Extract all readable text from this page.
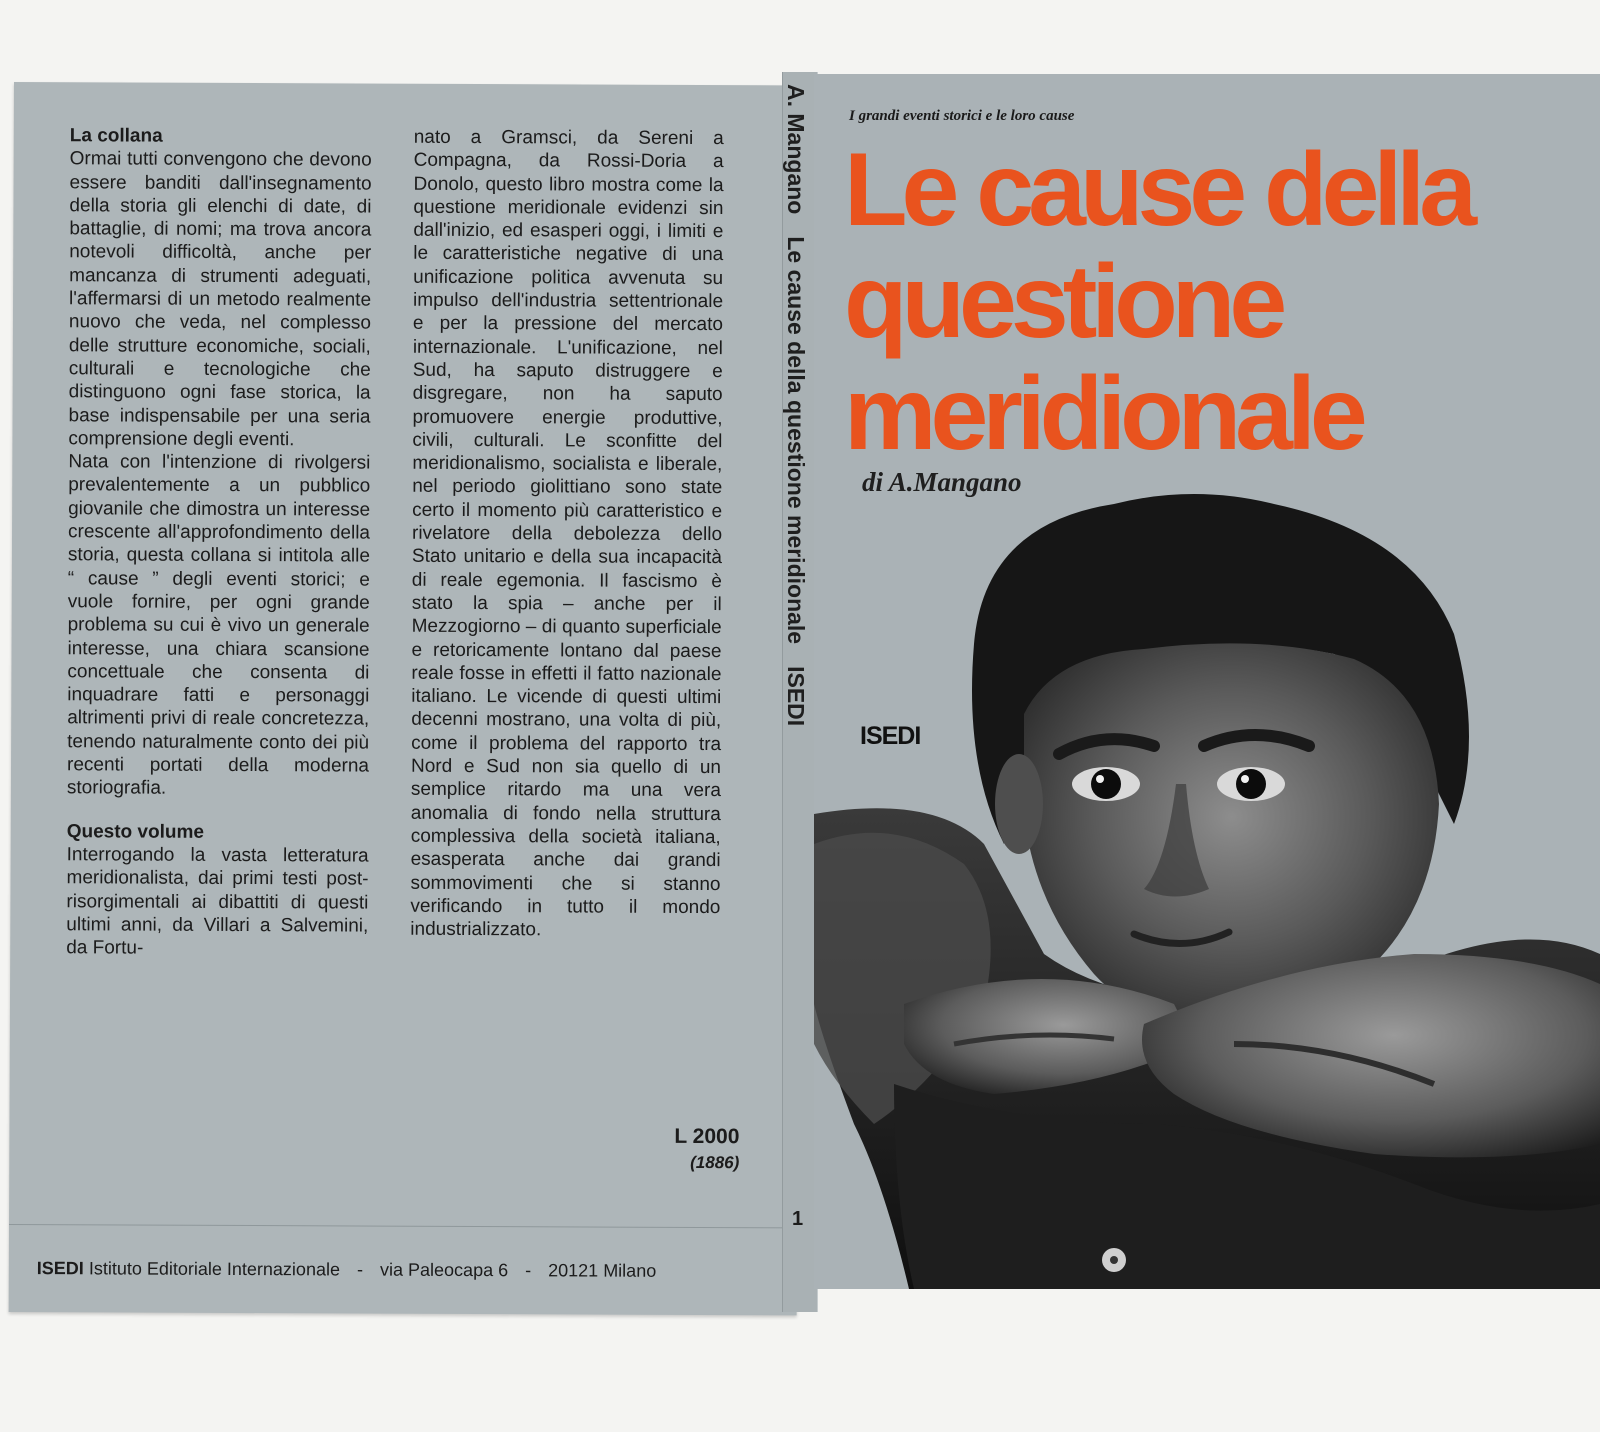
La collana

Ormai tutti convengono che devono essere banditi dall'insegnamento della storia gli elenchi di date, di battaglie, di nomi; ma trova ancora notevoli difficoltà, anche per mancanza di strumenti adeguati, l'affermarsi di un metodo realmente nuovo che veda, nel complesso delle strutture economiche, sociali, culturali e tecnologiche che distinguono ogni fase storica, la base indispensabile per una seria comprensione degli eventi.

Nata con l'intenzione di rivolgersi prevalentemente a un pubblico giovanile che dimostra un interesse crescente all'approfondimento della storia, questa collana si intitola alle “ cause ” degli eventi storici; e vuole fornire, per ogni grande problema su cui è vivo un generale interesse, una chiara scansione concettuale che consenta di inquadrare fatti e personaggi altrimenti privi di reale concretezza, tenendo naturalmente conto dei più recenti portati della moderna storiografia.

Questo volume

Interrogando la vasta letteratura meridionalista, dai primi testi post-risorgimentali ai dibattiti di questi ultimi anni, da Villari a Salvemini, da Fortu-

nato a Gramsci, da Sereni a Compagna, da Rossi-Doria a Donolo, questo libro mostra come la questione meridionale evidenzi sin dall'inizio, ed esasperi oggi, i limiti e le caratteristiche negative di una unificazione politica avvenuta su impulso dell'industria settentrionale e per la pressione del mercato internazionale. L'unificazione, nel Sud, ha saputo distruggere e disgregare, non ha saputo promuovere energie produttive, civili, culturali. Le sconfitte del meridionalismo, socialista e liberale, nel periodo giolittiano sono state certo il momento più caratteristico e rivelatore della debolezza dello Stato unitario e della sua incapacità di reale egemonia. Il fascismo è stato la spia – anche per il Mezzogiorno – di quanto superficiale e retoricamente lontano dal paese reale fosse in effetti il fatto nazionale italiano. Le vicende di questi ultimi decenni mostrano, una volta di più, come il problema del rapporto tra Nord e Sud non sia quello di un semplice ritardo ma una vera anomalia di fondo nella struttura complessiva della società italiana, esasperata anche dai grandi sommovimenti che si stanno verificando in tutto il mondo industrializzato.

L 2000
(1886)
ISEDI Istituto Editoriale Internazionale - via Paleocapa 6 - 20121 Milano
A. ManganoLe cause della questione meridionaleISEDI
1
I grandi eventi storici e le loro cause
Le cause della
questione
meridionale
di A.Mangano
ISEDI
